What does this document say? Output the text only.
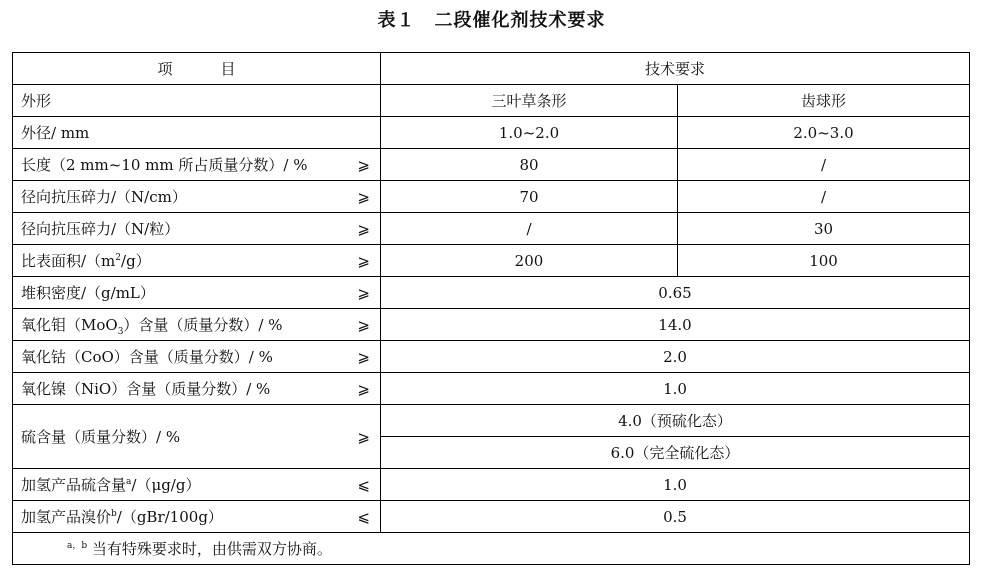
表１　二段催化剂技术要求
项 目	技术要求	
外形	三叶草条形	齿球形
外径/ mm	1.0~2.0	2.0~3.0

长度（2 mm~10 mm 所占质量分数）/ % ⩾	80	/

径向抗压碎力/（N/cm） ⩾	70	/

径向抗压碎力/（N/粒） ⩾	/	30

比表面积$/(m^2/g)$ ⩾	200	100

堆积密度/（g/mL） ⩾	0.65	

氧化钼（MoO$_3$）含量（质量分数）/ % ⩾	14.0	

氧化钴（CoO）含量（质量分数）/ % ⩾	2.0	

氧化镍（NiO）含量（质量分数）/ % ⩾	1.0	

硫含量（质量分数）/ % ⩾	4.0（预硫化态）	
	6.0（完全硫化态）	

加氢产品硫含量$^a$/（μg/g） ⩽	1.0	

加氢产品溴价$^b$/（gBr/100g） ⩽	0.5	
$^{a,b}$ 当有特殊要求时，由供需双方协商。		
